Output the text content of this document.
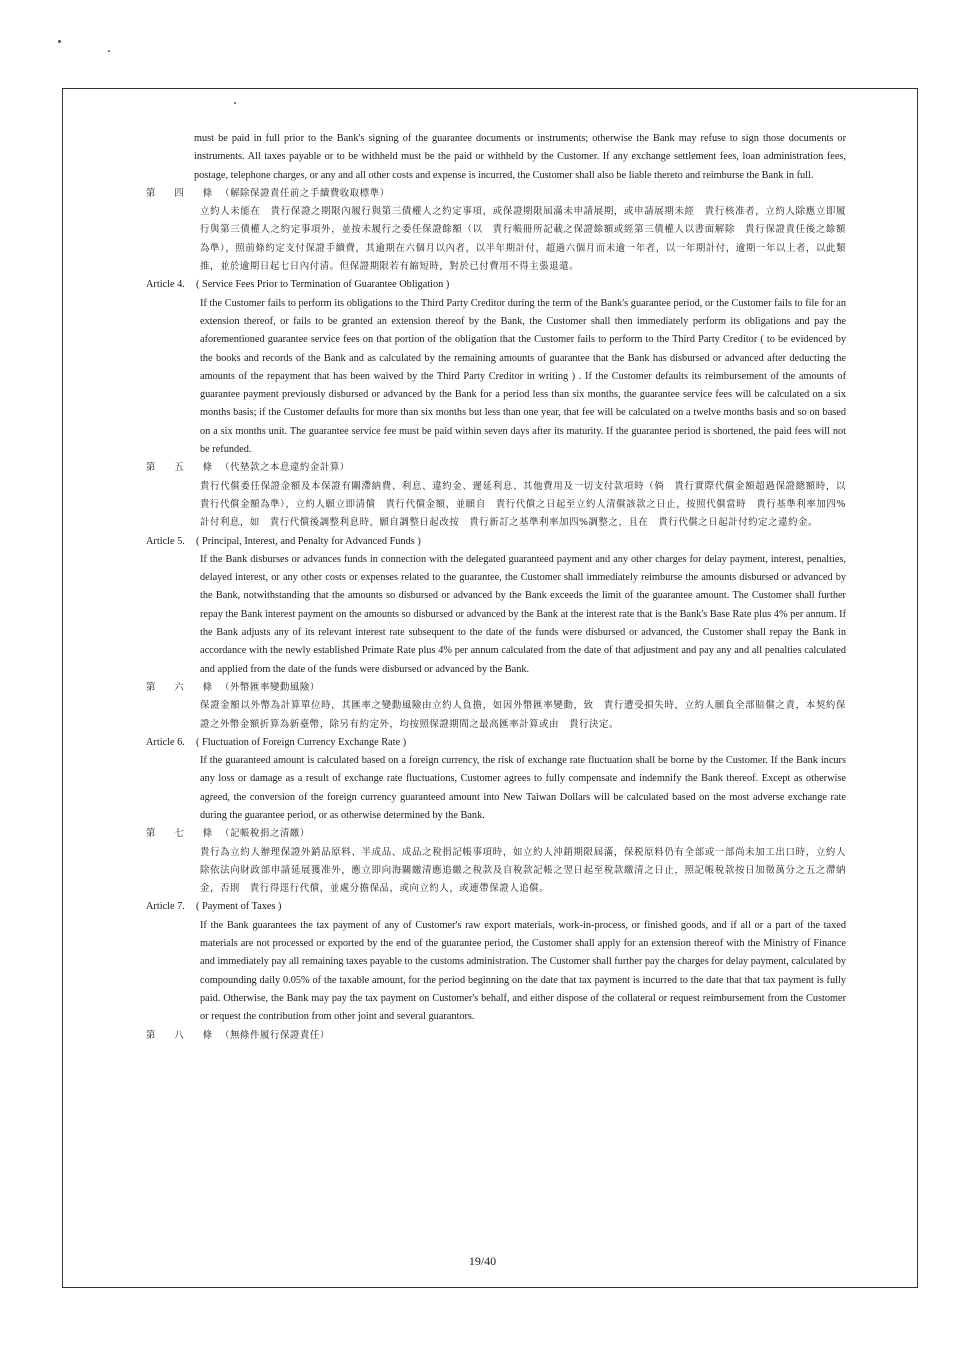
must be paid in full prior to the Bank's signing of the guarantee documents or instruments; otherwise the Bank may refuse to sign those documents or instruments. All taxes payable or to be withheld must be the paid or withheld by the Customer. If any exchange settlement fees, loan administration fees, postage, telephone charges, or any and all other costs and expense is incurred, the Customer shall also be liable thereto and reimburse the Bank in full.
第 四 條（解除保證責任前之手續費收取標準）
立約人未能在　貴行保證之期限內履行與第三債權人之約定事項，或保證期限屆滿未申請展期，或申請展期未經　貴行核准者，立約人除應立即履行與第三債權人之約定事項外，並按未履行之委任保證餘額（以　貴行帳冊所記載之保證餘額或經第三債權人以書面解除　貴行保證責任後之餘額為準），照前條約定支付保證手續費，其逾期在六個月以內者，以半年期計付，超過六個月而未逾一年者，以一年期計付，逾期一年以上者，以此類推，並於逾期日起七日內付清。但保證期限若有縮短時，對於已付費用不得主張退還。
Article 4. ( Service Fees Prior to Termination of Guarantee Obligation )
If the Customer fails to perform its obligations to the Third Party Creditor during the term of the Bank's guarantee period, or the Customer fails to file for an extension thereof, or fails to be granted an extension thereof by the Bank, the Customer shall then immediately perform its obligations and pay the aforementioned guarantee service fees on that portion of the obligation that the Customer fails to perform to the Third Party Creditor ( to be evidenced by the books and records of the Bank and as calculated by the remaining amounts of guarantee that the Bank has disbursed or advanced after deducting the amounts of the repayment that has been waived by the Third Party Creditor in writing ) . If the Customer defaults its reimbursement of the amounts of guarantee payment previously disbursed or advanced by the Bank for a period less than six months, the guarantee service fees will be calculated on a six months basis; if the Customer defaults for more than six months but less than one year, that fee will be calculated on a twelve months basis and so on based on a six months unit. The guarantee service fee must be paid within seven days after its maturity. If the guarantee period is shortened, the paid fees will not be refunded.
第 五 條（代墊款之本息違約金計算）
貴行代償委任保證金額及本保證有關滯納費、利息、違約金、遲延利息、其他費用及一切支付款項時（倘　貴行實際代償金額超過保證總額時，以　貴行代償金額為準），立約人願立即清償　貴行代償金額，並願自　貴行代償之日起至立約人清償該款之日止，按照代償當時　貴行基準利率加四%計付利息，如　貴行代償後調整利息時，願自調整日起改按　貴行新訂之基準利率加四%調整之，且在　貴行代償之日起計付約定之違約金。
Article 5. ( Principal, Interest, and Penalty for Advanced Funds )
If the Bank disburses or advances funds in connection with the delegated guaranteed payment and any other charges for delay payment, interest, penalties, delayed interest, or any other costs or expenses related to the guarantee, the Customer shall immediately reimburse the amounts disbursed or advanced by the Bank, notwithstanding that the amounts so disbursed or advanced by the Bank exceeds the limit of the guarantee amount. The Customer shall further repay the Bank interest payment on the amounts so disbursed or advanced by the Bank at the interest rate that is the Bank's Base Rate plus 4% per annum. If the Bank adjusts any of its relevant interest rate subsequent to the date of the funds were disbursed or advanced, the Customer shall repay the Bank in accordance with the newly established Primate Rate plus 4% per annum calculated from the date of that adjustment and pay any and all penalties calculated and applied from the date of the funds were disbursed or advanced by the Bank.
第 六 條（外幣匯率變動風險）
保證金額以外幣為計算單位時，其匯率之變動風險由立約人負擔，如因外幣匯率變動，致　貴行遭受損失時，立約人願負全部賠償之責，本契約保證之外幣金額折算為新臺幣，除另有約定外，均按照保證期間之最高匯率計算或由　貴行決定。
Article 6. ( Fluctuation of Foreign Currency Exchange Rate )
If the guaranteed amount is calculated based on a foreign currency, the risk of exchange rate fluctuation shall be borne by the Customer. If the Bank incurs any loss or damage as a result of exchange rate fluctuations, Customer agrees to fully compensate and indemnify the Bank thereof. Except as otherwise agreed, the conversion of the foreign currency guaranteed amount into New Taiwan Dollars will be calculated based on the most adverse exchange rate during the guarantee period, or as otherwise determined by the Bank.
第 七 條（記帳稅捐之清繳）
貴行為立約人辦理保證外銷品原料、半成品、成品之稅捐記帳事項時，如立約人沖銷期限屆滿，保税原料仍有全部或一部尚未加工出口時，立約人除依法向財政部申請延展獲准外，應立即向海關繳清應追繳之稅款及自稅款記帳之翌日起至稅款繳清之日止，照記帳稅款按日加徵萬分之五之滯納金，否則　貴行得逕行代償，並處分擔保品，或向立約人，或連帶保證人追償。
Article 7. ( Payment of Taxes )
If the Bank guarantees the tax payment of any of Customer's raw export materials, work-in-process, or finished goods, and if all or a part of the taxed materials are not processed or exported by the end of the guarantee period, the Customer shall apply for an extension thereof with the Ministry of Finance and immediately pay all remaining taxes payable to the customs administration. The Customer shall further pay the charges for delay payment, calculated by compounding daily 0.05% of the taxable amount, for the period beginning on the date that tax payment is incurred to the date that that tax payment is fully paid. Otherwise, the Bank may pay the tax payment on Customer's behalf, and either dispose of the collateral or request reimbursement from the Customer or request the contribution from other joint and several guarantors.
第 八 條（無條件履行保證責任）
19/40
